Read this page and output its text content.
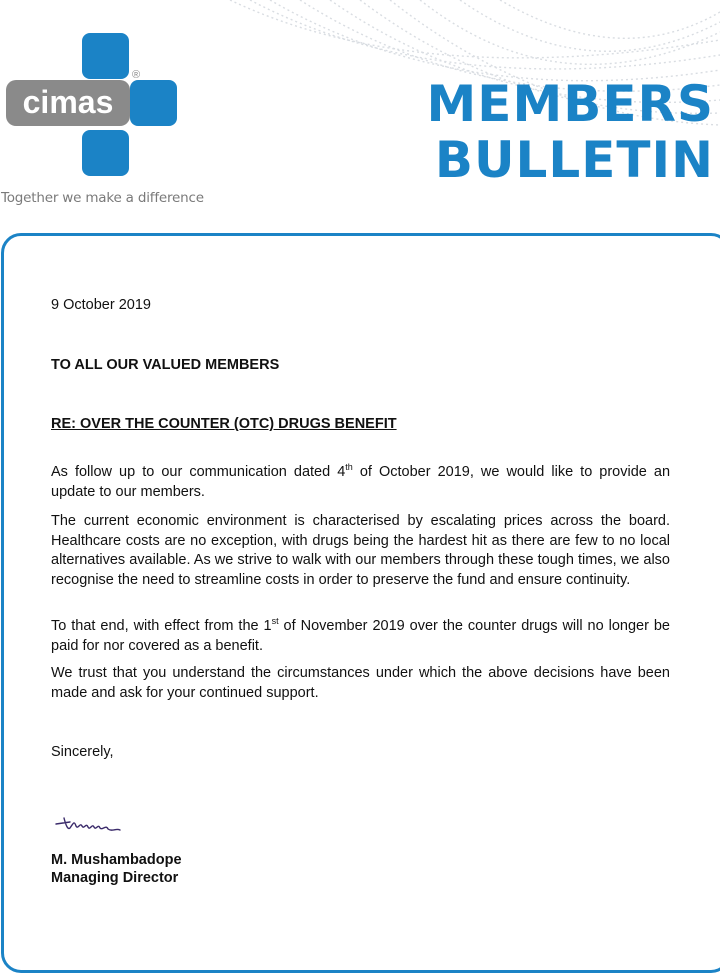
cimas
®
Together we make a difference
MEMBERS
BULLETIN
9 October 2019
TO ALL OUR VALUED MEMBERS
RE: OVER THE COUNTER (OTC) DRUGS BENEFIT

As follow up to our communication dated 4th of October 2019, we would like to provide an update to our members.

The current economic environment is characterised by escalating prices across the board. Healthcare costs are no exception, with drugs being the hardest hit as there are few to no local alternatives available. As we strive to walk with our members through these tough times, we also recognise the need to streamline costs in order to preserve the fund and ensure continuity.

To that end, with effect from the 1st of November 2019 over the counter drugs will no longer be paid for nor covered as a benefit.

We trust that you understand the circumstances under which the above decisions have been made and ask for your continued support.

Sincerely,
M. Mushambadope
Managing Director
